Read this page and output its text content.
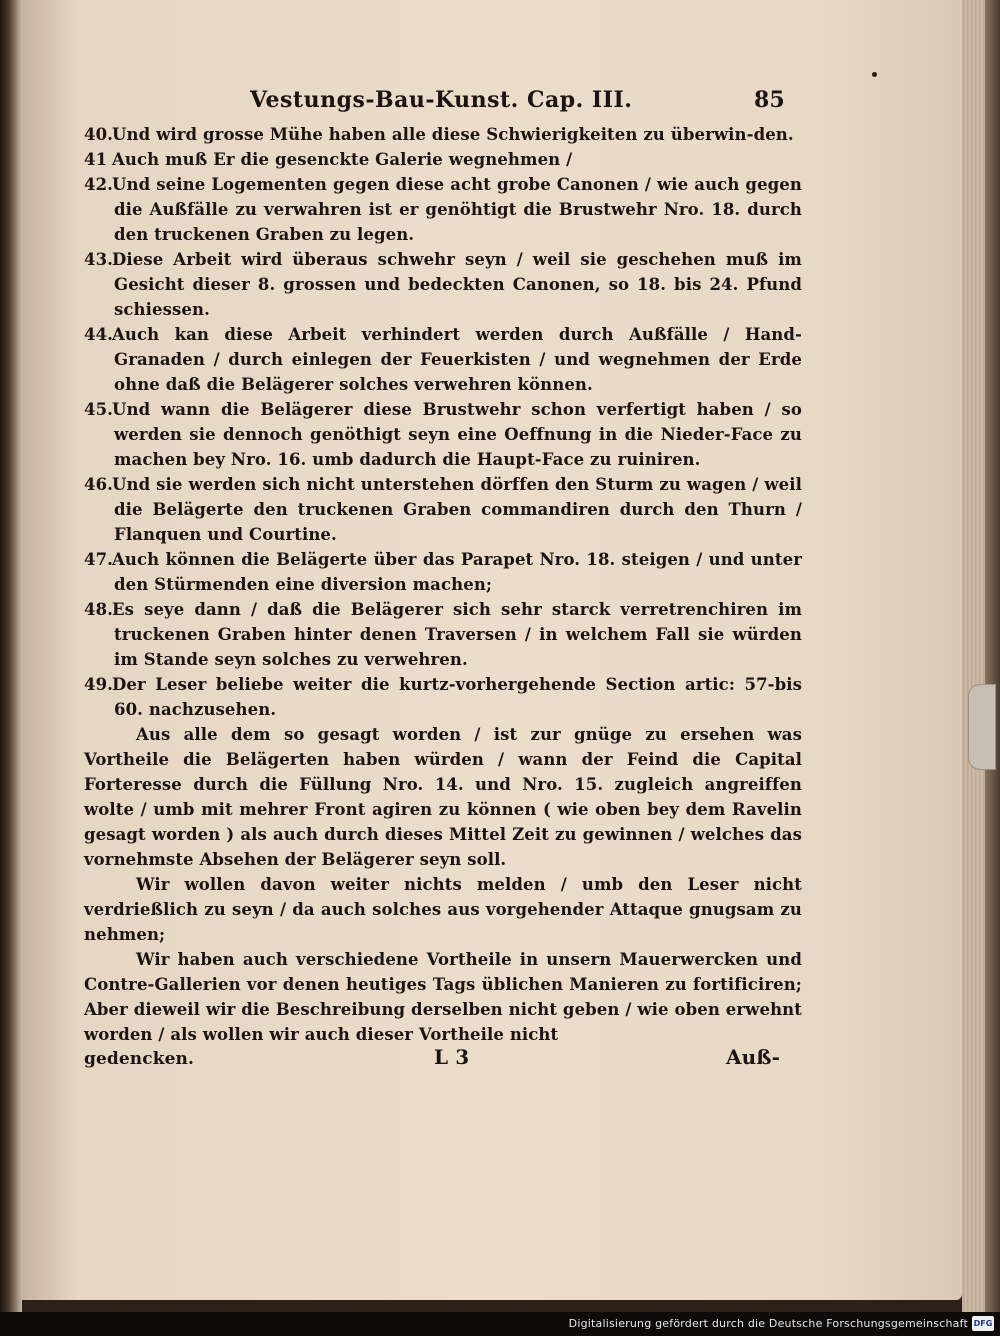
Vestungs-Bau-Kunst. Cap. III.	85
40.Und wird grosse Mühe haben alle diese Schwierigkeiten zu überwin-den.
41 Auch muß Er die gesenckte Galerie wegnehmen /
42.Und seine Logementen gegen diese acht grobe Canonen / wie auch gegen die Außfälle zu verwahren ist er genöhtigt die Brustwehr Nro. 18. durch den truckenen Graben zu legen.
43.Diese Arbeit wird überaus schwehr seyn / weil sie geschehen muß im Gesicht dieser 8. grossen und bedeckten Canonen, so 18. bis 24. Pfund schiessen.
44.Auch kan diese Arbeit verhindert werden durch Außfälle / Hand-Granaden / durch einlegen der Feuerkisten / und wegnehmen der Erde ohne daß die Belägerer solches verwehren können.
45.Und wann die Belägerer diese Brustwehr schon verfertigt haben / so werden sie dennoch genöthigt seyn eine Oeffnung in die Nieder-Face zu machen bey Nro. 16. umb dadurch die Haupt-Face zu ruiniren.
46.Und sie werden sich nicht unterstehen dörffen den Sturm zu wagen / weil die Belägerte den truckenen Graben commandiren durch den Thurn / Flanquen und Courtine.
47.Auch können die Belägerte über das Parapet Nro. 18. steigen / und unter den Stürmenden eine diversion machen;
48.Es seye dann / daß die Belägerer sich sehr starck verretrenchiren im truckenen Graben hinter denen Traversen / in welchem Fall sie würden im Stande seyn solches zu verwehren.
49.Der Leser beliebe weiter die kurtz-vorhergehende Section artic: 57-bis 60. nachzusehen.
Aus alle dem so gesagt worden / ist zur gnüge zu ersehen was Vortheile die Belägerten haben würden / wann der Feind die Capital Forteresse durch die Füllung Nro. 14. und Nro. 15. zugleich angreiffen wolte / umb mit mehrer Front agiren zu können ( wie oben bey dem Ravelin gesagt worden ) als auch durch dieses Mittel Zeit zu gewinnen / welches das vornehmste Absehen der Belägerer seyn soll.
Wir wollen davon weiter nichts melden / umb den Leser nicht verdrießlich zu seyn / da auch solches aus vorgehender Attaque gnugsam zu nehmen;
Wir haben auch verschiedene Vortheile in unsern Mauerwercken und Contre-Gallerien vor denen heutiges Tags üblichen Manieren zu fortificiren; Aber dieweil wir die Beschreibung derselben nicht geben / wie oben erwehnt worden / als wollen wir auch dieser Vortheile nicht
gedencken.	L 3	Auß-
Digitalisierung gefördert durch die Deutsche Forschungsgemeinschaft DFG
